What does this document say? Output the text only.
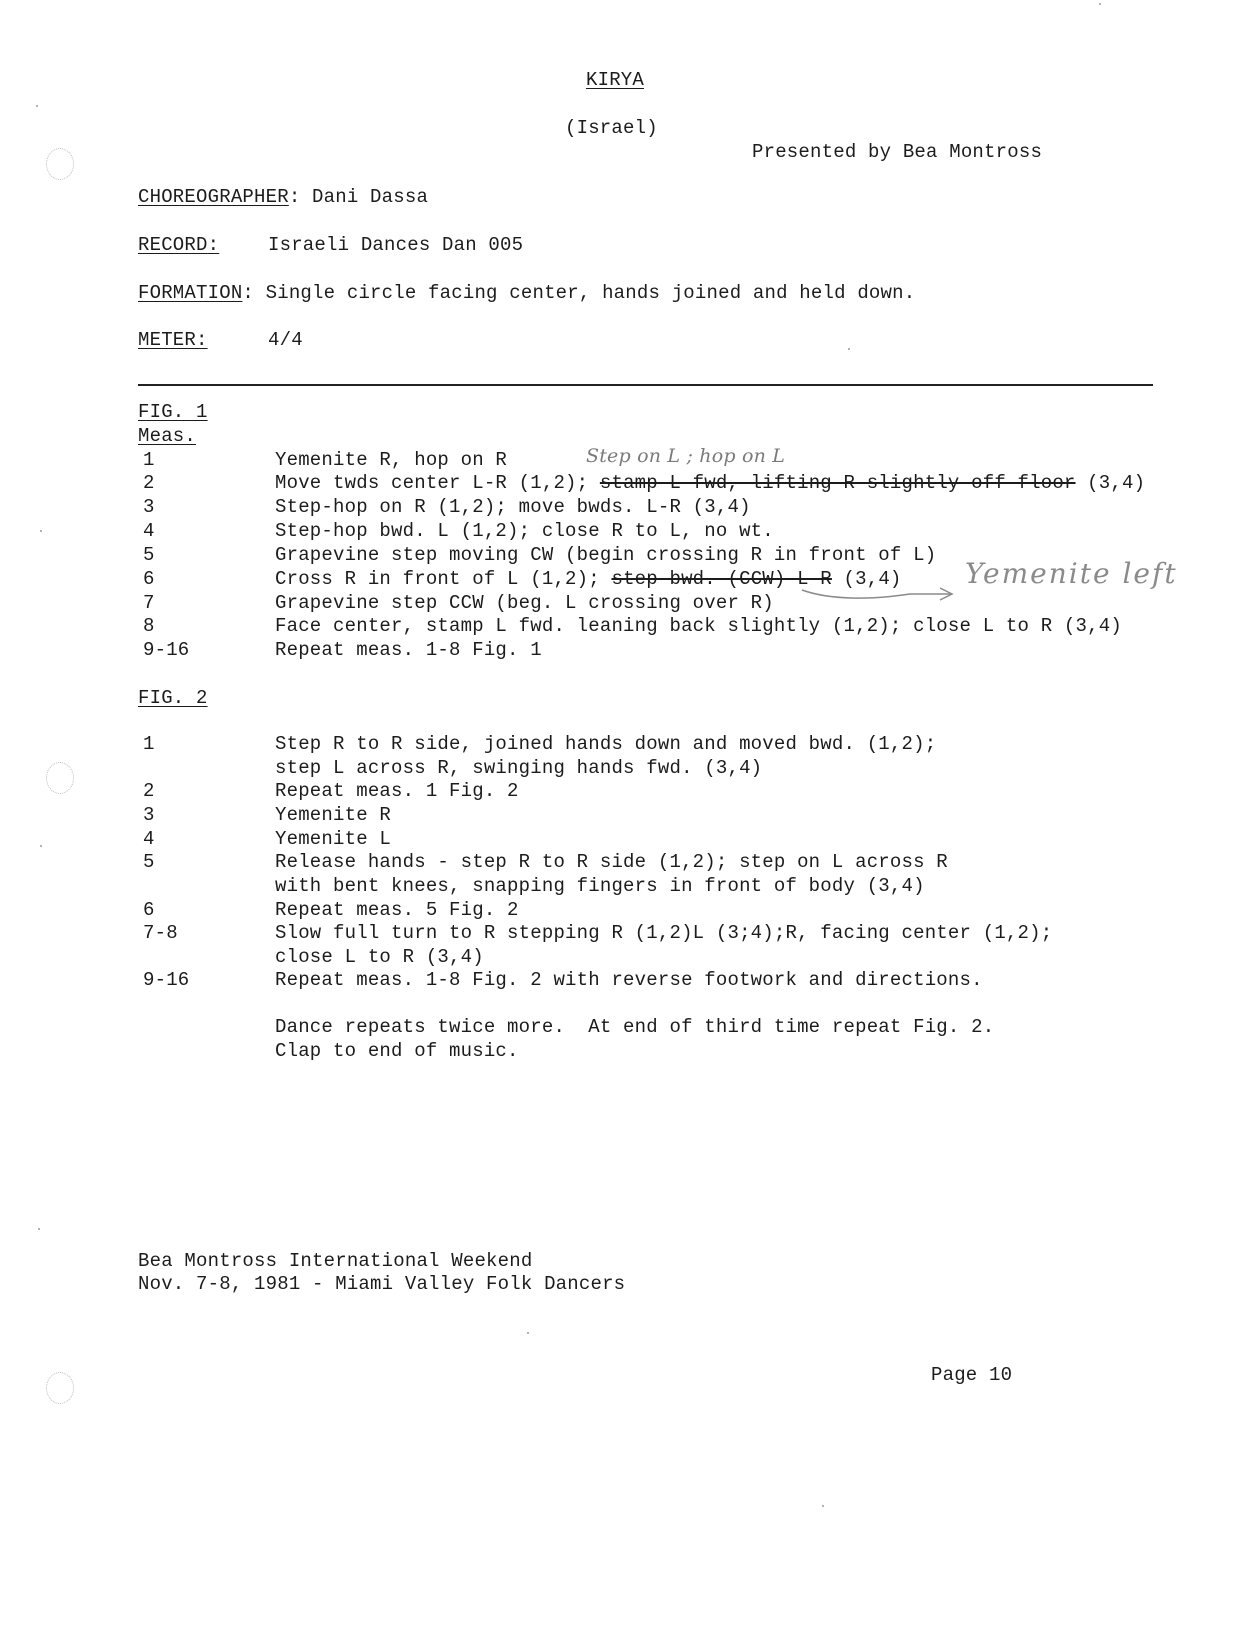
KIRYA
(Israel)
Presented by Bea Montross
CHOREOGRAPHER: Dani Dassa
RECORD:	Israeli Dances Dan 005
FORMATION: Single circle facing center, hands joined and held down.
METER:	4/4
FIG. 1
Meas.
1	Yemenite R, hop on R	Step on L ; hop on L
2	Move twds center L-R (1,2); stamp L fwd, lifting R slightly off floor (3,4)
3	Step-hop on R (1,2); move bwds. L-R (3,4)
4	Step-hop bwd. L (1,2); close R to L, no wt.
5	Grapevine step moving CW (begin crossing R in front of L)
6	Cross R in front of L (1,2); step bwd. (CCW) L-R (3,4) Yemenite left
7	Grapevine step CCW (beg. L crossing over R)
8	Face center, stamp L fwd. leaning back slightly (1,2); close L to R (3,4)
9-16	Repeat meas. 1-8 Fig. 1
FIG. 2
1	Step R to R side, joined hands down and moved bwd. (1,2);
step L across R, swinging hands fwd. (3,4)
2	Repeat meas. 1 Fig. 2
3	Yemenite R
4	Yemenite L
5	Release hands - step R to R side (1,2); step on L across R
with bent knees, snapping fingers in front of body (3,4)
6	Repeat meas. 5 Fig. 2
7-8	Slow full turn to R stepping R (1,2)L (3;4);R, facing center (1,2);
close L to R (3,4)
9-16	Repeat meas. 1-8 Fig. 2 with reverse footwork and directions.
Dance repeats twice more.  At end of third time repeat Fig. 2.
Clap to end of music.
Bea Montross International Weekend
Nov. 7-8, 1981 - Miami Valley Folk Dancers
Page 10
